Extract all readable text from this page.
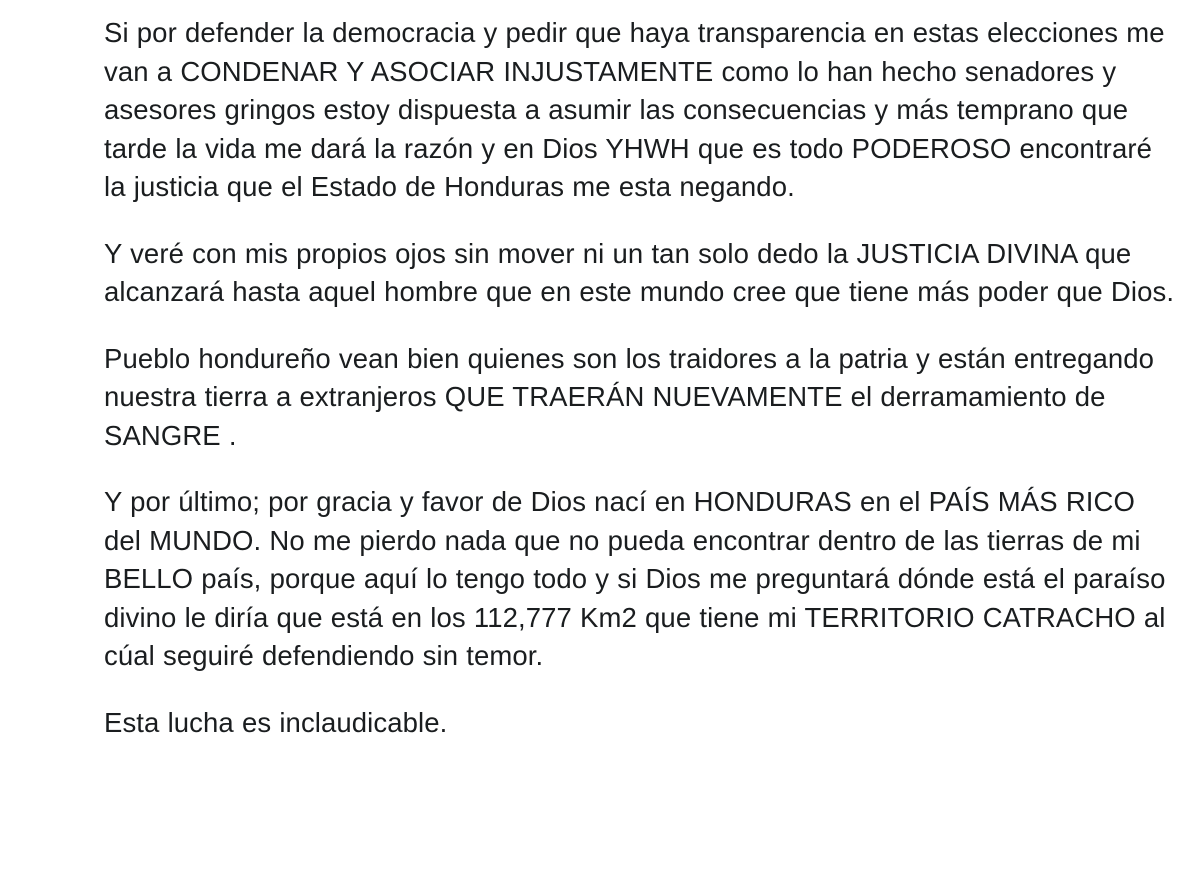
Si por defender la democracia y pedir que haya transparencia en estas elecciones me van a CONDENAR Y ASOCIAR INJUSTAMENTE como lo han hecho senadores y asesores gringos estoy dispuesta a asumir las consecuencias y más temprano que tarde la vida me dará la razón y en Dios YHWH que es todo PODEROSO encontraré la justicia que el Estado de Honduras me esta negando.

Y veré con mis propios ojos sin mover ni un tan solo dedo la JUSTICIA DIVINA que alcanzará hasta aquel hombre que en este mundo cree que tiene más poder que Dios.

Pueblo hondureño vean bien quienes son los traidores a la patria y están entregando nuestra tierra a extranjeros QUE TRAERÁN NUEVAMENTE el derramamiento de SANGRE .

Y por último; por gracia y favor de Dios nací en HONDURAS en el PAÍS MÁS RICO del MUNDO. No me pierdo nada que no pueda encontrar dentro de las tierras de mi BELLO país, porque aquí lo tengo todo y si Dios me preguntará dónde está el paraíso divino le diría que está en los 112,777 Km2 que tiene mi TERRITORIO CATRACHO al cúal seguiré defendiendo sin temor.

Esta lucha es inclaudicable.
